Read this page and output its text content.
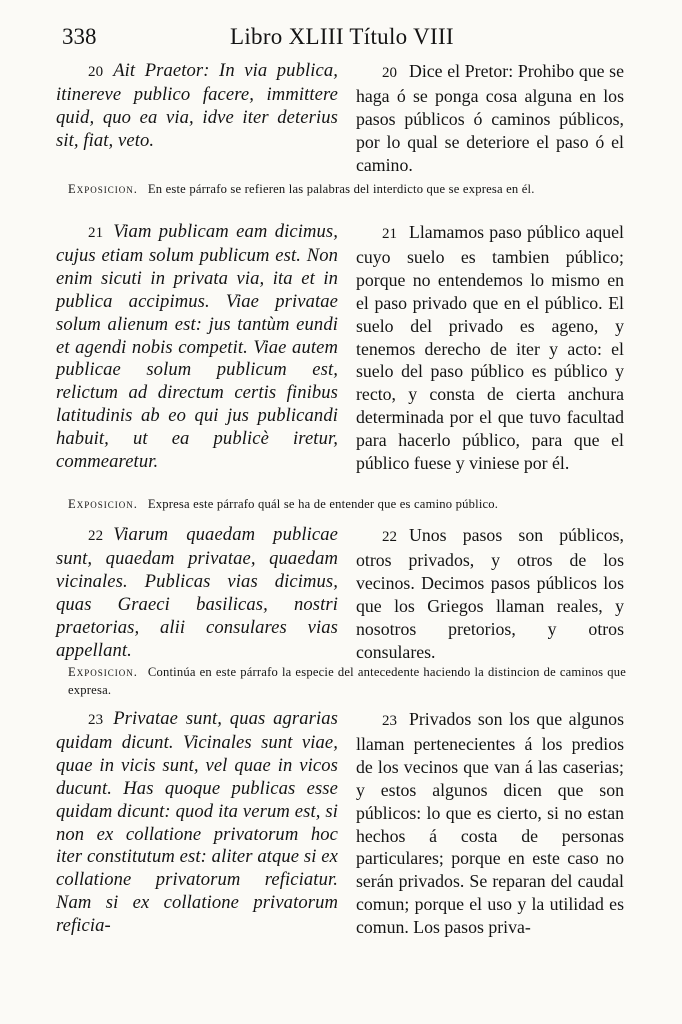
338	Libro XLIII Título VIII
20 Ait Praetor: In via publica, itinereve publico facere, immittere quid, quo ea via, idve iter deterius sit, fiat, veto.
20 Dice el Pretor: Prohibo que se haga ó se ponga cosa alguna en los pasos públicos ó caminos públicos, por lo qual se deteriore el paso ó el camino.
Exposicion. En este párrafo se refieren las palabras del interdicto que se expresa en él.
21 Viam publicam eam dicimus, cujus etiam solum publicum est. Non enim sicuti in privata via, ita et in publica accipimus. Viae privatae solum alienum est: jus tantùm eundi et agendi nobis competit. Viae autem publicae solum publicum est, relictum ad directum certis finibus latitudinis ab eo qui jus publicandi habuit, ut ea publicè iretur, commearetur.
21 Llamamos paso público aquel cuyo suelo es tambien público; porque no entendemos lo mismo en el paso privado que en el público. El suelo del privado es ageno, y tenemos derecho de iter y acto: el suelo del paso público es público y recto, y consta de cierta anchura determinada por el que tuvo facultad para hacerlo público, para que el público fuese y viniese por él.
Exposicion. Expresa este párrafo quál se ha de entender que es camino público.
22 Viarum quaedam publicae sunt, quaedam privatae, quaedam vicinales. Publicas vias dicimus, quas Graeci basilicas, nostri praetorias, alii consulares vias appellant.
22 Unos pasos son públicos, otros privados, y otros de los vecinos. Decimos pasos públicos los que los Griegos llaman reales, y nosotros pretorios, y otros consulares.
Exposicion. Continúa en este párrafo la especie del antecedente haciendo la distincion de caminos que expresa.
23 Privatae sunt, quas agrarias quidam dicunt. Vicinales sunt viae, quae in vicis sunt, vel quae in vicos ducunt. Has quoque publicas esse quidam dicunt: quod ita verum est, si non ex collatione privatorum hoc iter constitutum est: aliter atque si ex collatione privatorum reficiatur. Nam si ex collatione privatorum reficia-
23 Privados son los que algunos llaman pertenecientes á los predios de los vecinos que van á las caserias; y estos algunos dicen que son públicos: lo que es cierto, si no estan hechos á costa de personas particulares; porque en este caso no serán privados. Se reparan del caudal comun; porque el uso y la utilidad es comun. Los pasos priva-
